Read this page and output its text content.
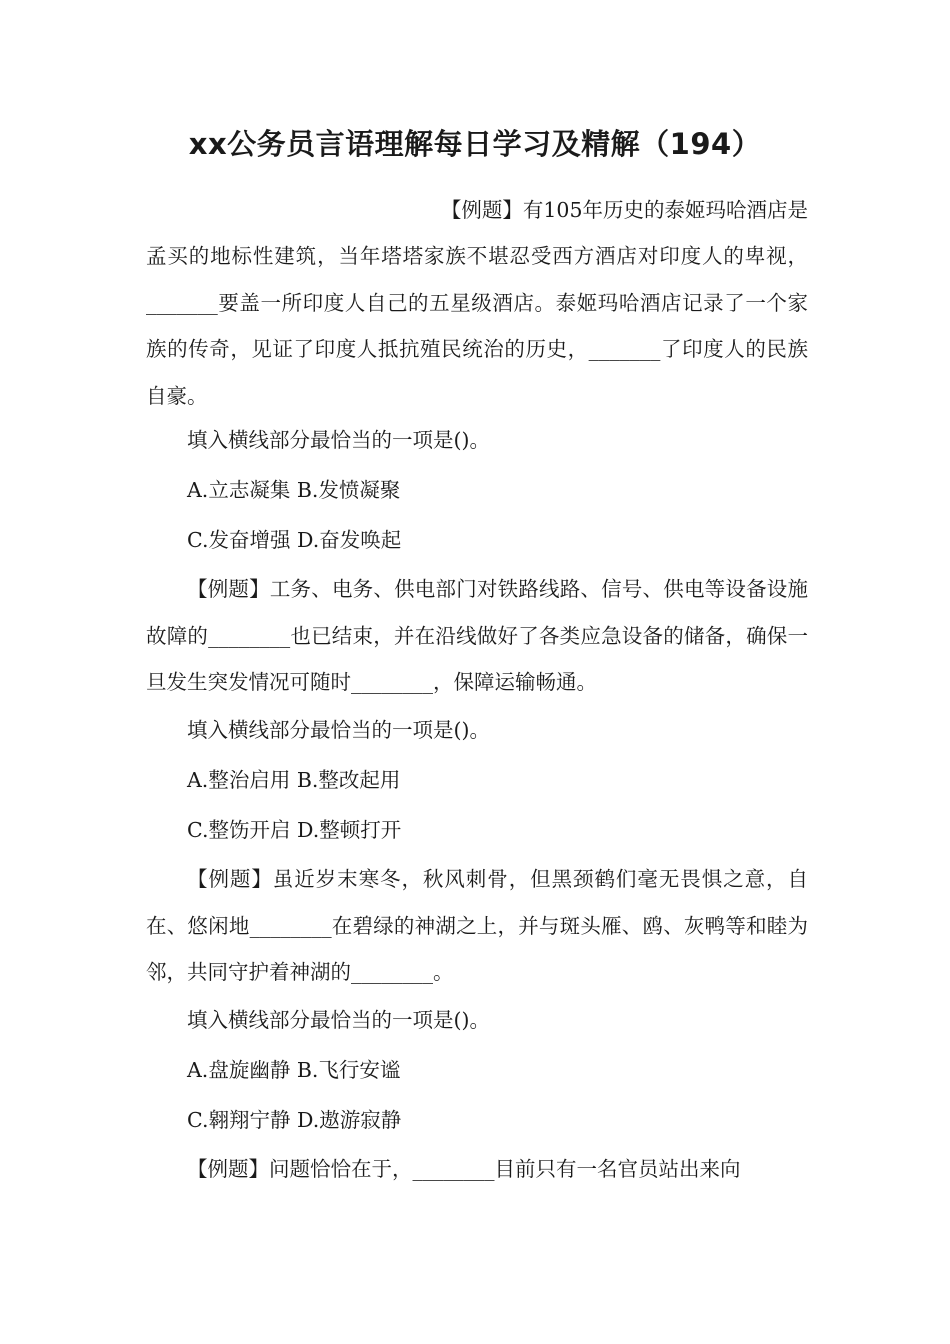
xx公务员言语理解每日学习及精解（194）
【例题】有105年历史的泰姬玛哈酒店是

孟买的地标性建筑，当年塔塔家族不堪忍受西方酒店对印度人的卑视，_______要盖一所印度人自己的五星级酒店。泰姬玛哈酒店记录了一个家族的传奇，见证了印度人抵抗殖民统治的历史，_______了印度人的民族自豪。

填入横线部分最恰当的一项是()。
A.立志凝集 B.发愤凝聚
C.发奋增强 D.奋发唤起

【例题】工务、电务、供电部门对铁路线路、信号、供电等设备设施故障的________也已结束，并在沿线做好了各类应急设备的储备，确保一旦发生突发情况可随时________，保障运输畅通。

填入横线部分最恰当的一项是()。
A.整治启用 B.整改起用
C.整饬开启 D.整顿打开

【例题】虽近岁末寒冬，秋风刺骨，但黑颈鹤们毫无畏惧之意，自在、悠闲地________在碧绿的神湖之上，并与斑头雁、鸥、灰鸭等和睦为邻，共同守护着神湖的________。

填入横线部分最恰当的一项是()。
A.盘旋幽静 B.飞行安谧
C.翱翔宁静 D.遨游寂静

【例题】问题恰恰在于，________目前只有一名官员站出来向
